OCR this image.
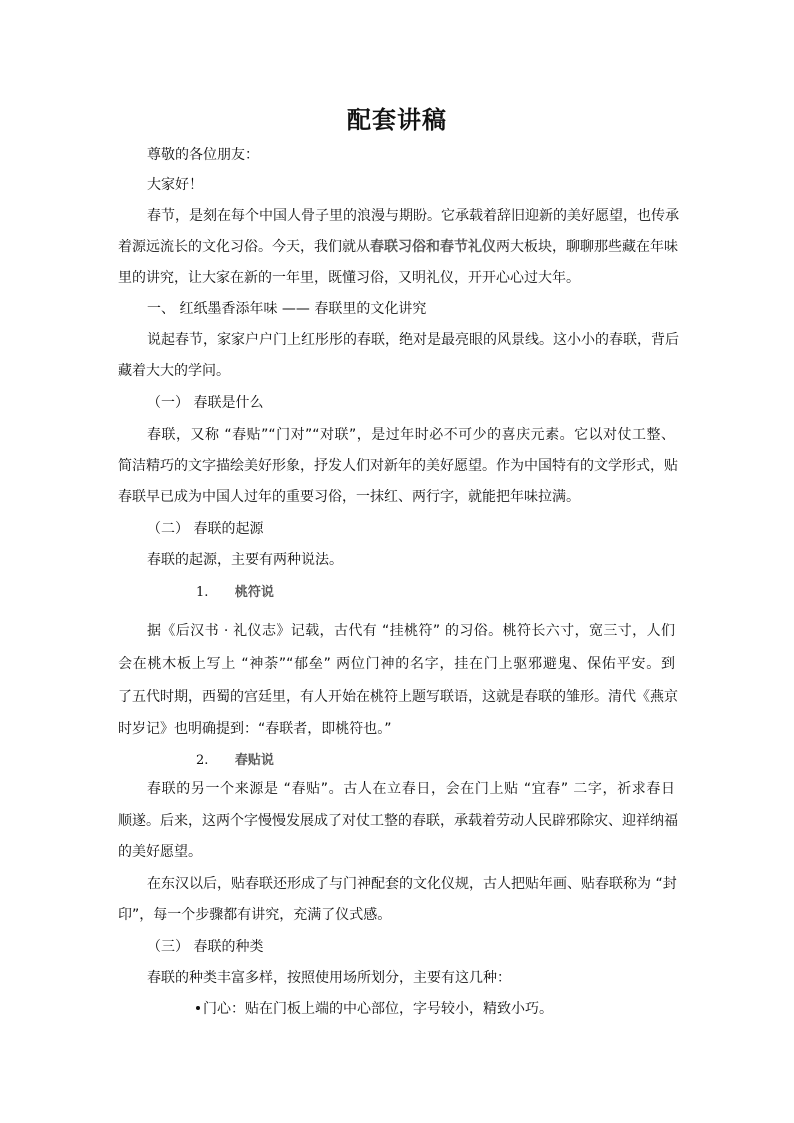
配套讲稿
尊敬的各位朋友：
大家好！
春节，是刻在每个中国人骨子里的浪漫与期盼。它承载着辞旧迎新的美好愿望，也传承
着源远流长的文化习俗。今天，我们就从春联习俗和春节礼仪两大板块，聊聊那些藏在年味
里的讲究，让大家在新的一年里，既懂习俗，又明礼仪，开开心心过大年。
一、 红纸墨香添年味 —— 春联里的文化讲究
说起春节，家家户户门上红彤彤的春联，绝对是最亮眼的风景线。这小小的春联，背后
藏着大大的学问。
（一） 春联是什么
春联，又称 “春贴”“门对”“对联”，是过年时必不可少的喜庆元素。它以对仗工整、
简洁精巧的文字描绘美好形象，抒发人们对新年的美好愿望。作为中国特有的文学形式，贴
春联早已成为中国人过年的重要习俗，一抹红、两行字，就能把年味拉满。
（二） 春联的起源
春联的起源，主要有两种说法。
1. 桃符说
据《后汉书 · 礼仪志》记载，古代有 “挂桃符” 的习俗。桃符长六寸，宽三寸，人们
会在桃木板上写上 “神荼”“郁垒” 两位门神的名字，挂在门上驱邪避鬼、保佑平安。到
了五代时期，西蜀的宫廷里，有人开始在桃符上题写联语，这就是春联的雏形。清代《燕京
时岁记》也明确提到：“春联者，即桃符也。”
2. 春贴说
春联的另一个来源是 “春贴”。古人在立春日，会在门上贴 “宜春” 二字，祈求春日
顺遂。后来，这两个字慢慢发展成了对仗工整的春联，承载着劳动人民辟邪除灾、迎祥纳福
的美好愿望。
在东汉以后，贴春联还形成了与门神配套的文化仪规，古人把贴年画、贴春联称为 “封
印”，每一个步骤都有讲究，充满了仪式感。
（三） 春联的种类
春联的种类丰富多样，按照使用场所划分，主要有这几种：
门心：贴在门板上端的中心部位，字号较小，精致小巧。
